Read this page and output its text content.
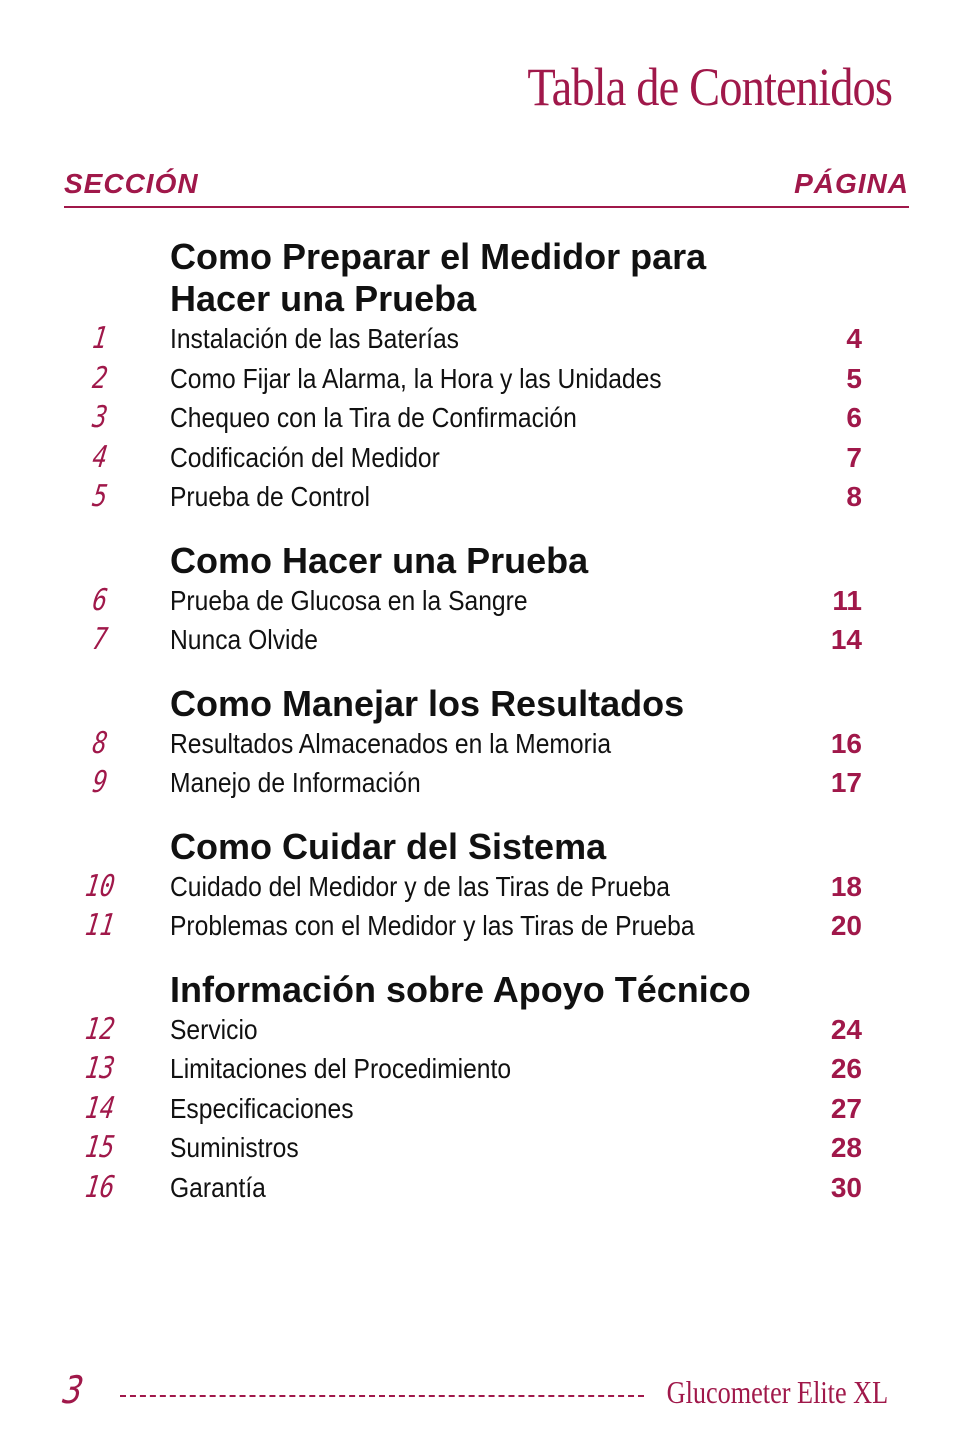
Tabla de Contenidos
SECCIÓN	PÁGINA
Como Preparar el Medidor para Hacer una Prueba
1	Instalación de las Baterías	4
2	Como Fijar la Alarma, la Hora y las Unidades	5
3	Chequeo con la Tira de Confirmación	6
4	Codificación del Medidor	7
5	Prueba de Control	8
Como Hacer una Prueba
6	Prueba de Glucosa en la Sangre	11
7	Nunca Olvide	14
Como Manejar los Resultados
8	Resultados Almacenados en la Memoria	16
9	Manejo de Información	17
Como Cuidar del Sistema
10	Cuidado del Medidor y de las Tiras de Prueba	18
11	Problemas con el Medidor y las Tiras de Prueba	20
Información sobre Apoyo Técnico
12	Servicio	24
13	Limitaciones del Procedimiento	26
14	Especificaciones	27
15	Suministros	28
16	Garantía	30
3	Glucometer Elite XL
